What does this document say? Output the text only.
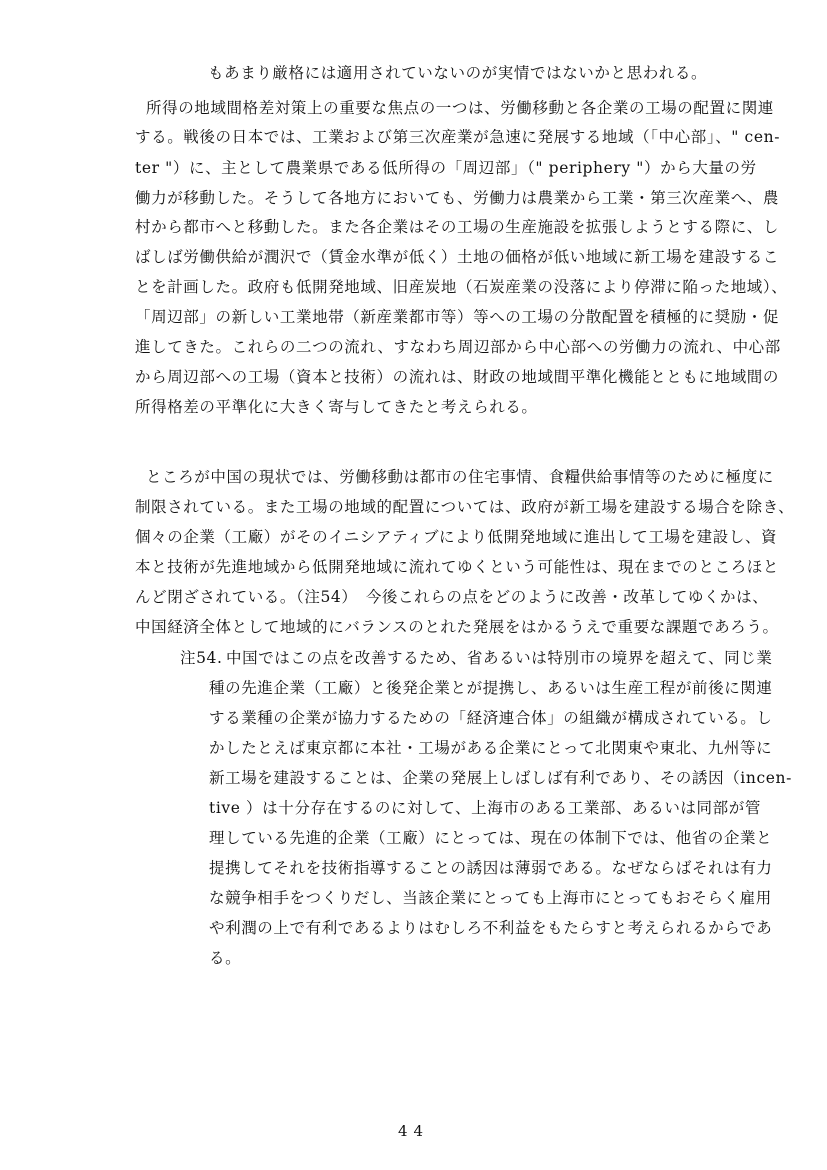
もあまり厳格には適用されていないのが実情ではないかと思われる。
所得の地域間格差対策上の重要な焦点の一つは、労働移動と各企業の工場の配置に関連
する。戦後の日本では、工業および第三次産業が急速に発展する地域（「中心部」、" cen-
ter "）に、主として農業県である低所得の「周辺部」（" periphery "）から大量の労
働力が移動した。そうして各地方においても、労働力は農業から工業・第三次産業へ、農
村から都市へと移動した。また各企業はその工場の生産施設を拡張しようとする際に、し
ばしば労働供給が潤沢で（賃金水準が低く）土地の価格が低い地域に新工場を建設するこ
とを計画した。政府も低開発地域、旧産炭地（石炭産業の没落により停滞に陥った地域）、
「周辺部」の新しい工業地帯（新産業都市等）等への工場の分散配置を積極的に奨励・促
進してきた。これらの二つの流れ、すなわち周辺部から中心部への労働力の流れ、中心部
から周辺部への工場（資本と技術）の流れは、財政の地域間平準化機能とともに地域間の
所得格差の平準化に大きく寄与してきたと考えられる。
ところが中国の現状では、労働移動は都市の住宅事情、食糧供給事情等のために極度に
制限されている。また工場の地域的配置については、政府が新工場を建設する場合を除き、
個々の企業（工廠）がそのイニシアティブにより低開発地域に進出して工場を建設し、資
本と技術が先進地域から低開発地域に流れてゆくという可能性は、現在までのところほと
んど閉ざされている。（注54）　今後これらの点をどのように改善・改革してゆくかは、
中国経済全体として地域的にバランスのとれた発展をはかるうえで重要な課題であろう。
注54. 中国ではこの点を改善するため、省あるいは特別市の境界を超えて、同じ業
種の先進企業（工廠）と後発企業とが提携し、あるいは生産工程が前後に関連
する業種の企業が協力するための「経済連合体」の組織が構成されている。し
かしたとえば東京都に本社・工場がある企業にとって北関東や東北、九州等に
新工場を建設することは、企業の発展上しばしば有利であり、その誘因（incen-
tive ）は十分存在するのに対して、上海市のある工業部、あるいは同部が管
理している先進的企業（工廠）にとっては、現在の体制下では、他省の企業と
提携してそれを技術指導することの誘因は薄弱である。なぜならばそれは有力
な競争相手をつくりだし、当該企業にとっても上海市にとってもおそらく雇用
や利潤の上で有利であるよりはむしろ不利益をもたらすと考えられるからであ
る。
44
